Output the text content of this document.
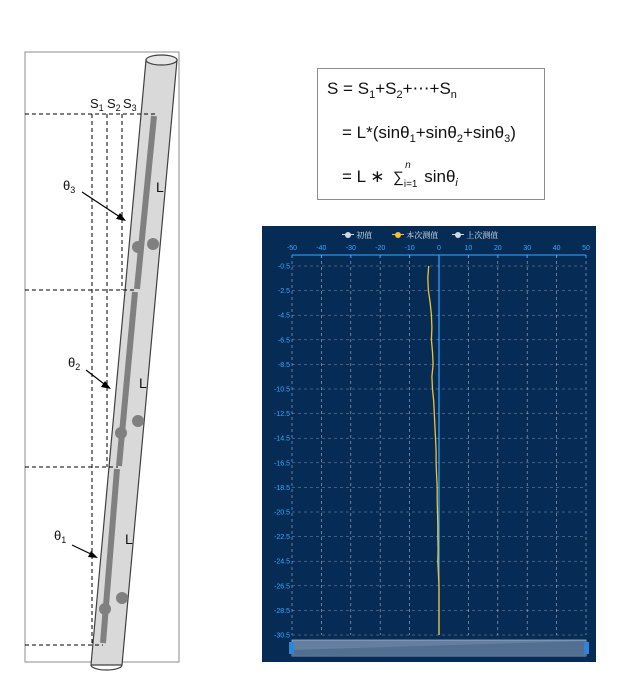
$S_1$ $S_2$ $S_3$
$\theta_3$
$\theta_2$
$\theta_1$
L
L
L
$S = S_1+S_2+\cdots+S_n$
= L*(sinθ$_1$+sinθ$_2$+sinθ$_3$)
= L ∗ ∑
n
$_{i=1}$ sinθ$_i$
初值	本次测值	上次测值
-50	-40	-30	-20	-10	0	10	20	30	40	50
-0.5
-2.5
-4.5
-6.5
-8.5
-10.5
-12.5
-14.5
-16.5
-18.5
-20.5
-22.5
-24.5
-26.5
-28.5
-30.5
